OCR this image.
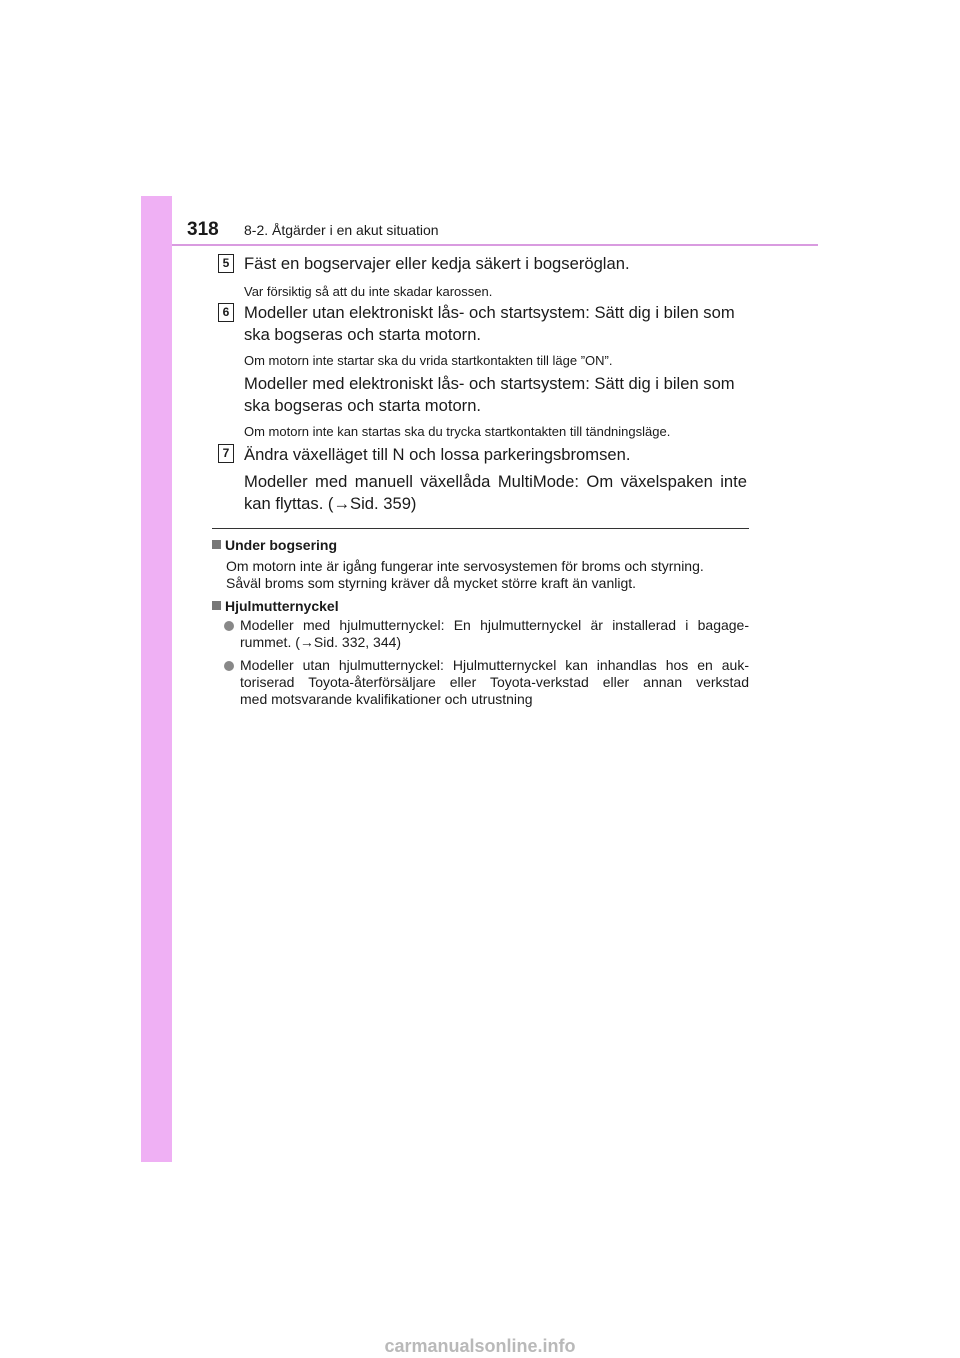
318 8-2. Åtgärder i en akut situation
5 Fäst en bogservajer eller kedja säkert i bogseröglan.
Var försiktig så att du inte skadar karossen.
6 Modeller utan elektroniskt lås- och startsystem: Sätt dig i bilen som
ska bogseras och starta motorn.
Om motorn inte startar ska du vrida startkontakten till läge ”ON”.
Modeller med elektroniskt lås- och startsystem: Sätt dig i bilen som
ska bogseras och starta motorn.
Om motorn inte kan startas ska du trycka startkontakten till tändningsläge.
7 Ändra växelläget till N och lossa parkeringsbromsen.
Modeller med manuell växellåda MultiMode: Om växelspaken inte
kan flyttas. (→Sid. 359)
Under bogsering
Om motorn inte är igång fungerar inte servosystemen för broms och styrning.
Såväl broms som styrning kräver då mycket större kraft än vanligt.
Hjulmutternyckel
Modeller med hjulmutternyckel: En hjulmutternyckel är installerad i bagage-
rummet. (→Sid. 332, 344)
Modeller utan hjulmutternyckel: Hjulmutternyckel kan inhandlas hos en auk-
toriserad Toyota-återförsäljare eller Toyota-verkstad eller annan verkstad
med motsvarande kvalifikationer och utrustning
carmanualsonline.info
